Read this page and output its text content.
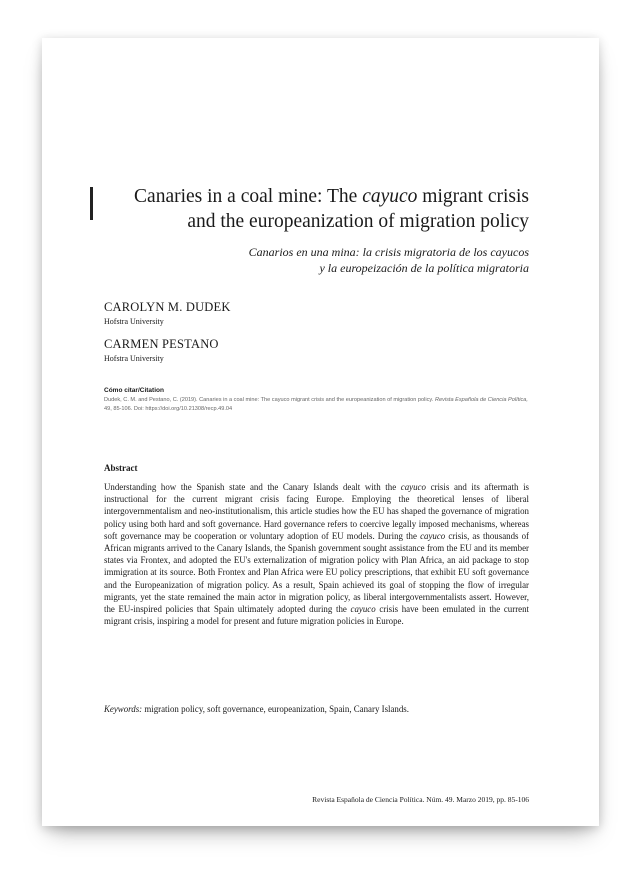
Canaries in a coal mine: The cayuco migrant crisis
and the europeanization of migration policy
Canarios en una mina: la crisis migratoria de los cayucos
y la europeización de la política migratoria
CAROLYN M. DUDEK
Hofstra University
CARMEN PESTANO
Hofstra University
Cómo citar/Citation
Dudek, C. M. and Pestano, C. (2019). Canaries in a coal mine: The cayuco migrant crisis and the europeanization of migration policy. Revista Española de Ciencia Política, 49, 85-106. Doi: https://doi.org/10.21308/recp.49.04
Abstract
Understanding how the Spanish state and the Canary Islands dealt with the cayuco crisis and its aftermath is instructional for the current migrant crisis facing Europe. Employing the theoretical lenses of liberal intergovernmentalism and neo-institutionalism, this article studies how the EU has shaped the governance of migration policy using both hard and soft governance. Hard governance refers to coercive legally imposed mechanisms, whereas soft governance may be cooperation or voluntary adoption of EU models. During the cayuco crisis, as thousands of African migrants arrived to the Canary Islands, the Spanish government sought assistance from the EU and its member states via Frontex, and adopted the EU's externalization of migration policy with Plan Africa, an aid package to stop immigration at its source. Both Frontex and Plan Africa were EU policy prescriptions, that exhibit EU soft governance and the Europeanization of migration policy. As a result, Spain achieved its goal of stopping the flow of irregular migrants, yet the state remained the main actor in migration policy, as liberal intergovernmentalists assert. However, the EU-inspired policies that Spain ultimately adopted during the cayuco crisis have been emulated in the current migrant crisis, inspiring a model for present and future migration policies in Europe.
Keywords: migration policy, soft governance, europeanization, Spain, Canary Islands.
Revista Española de Ciencia Política. Núm. 49. Marzo 2019, pp. 85-106
